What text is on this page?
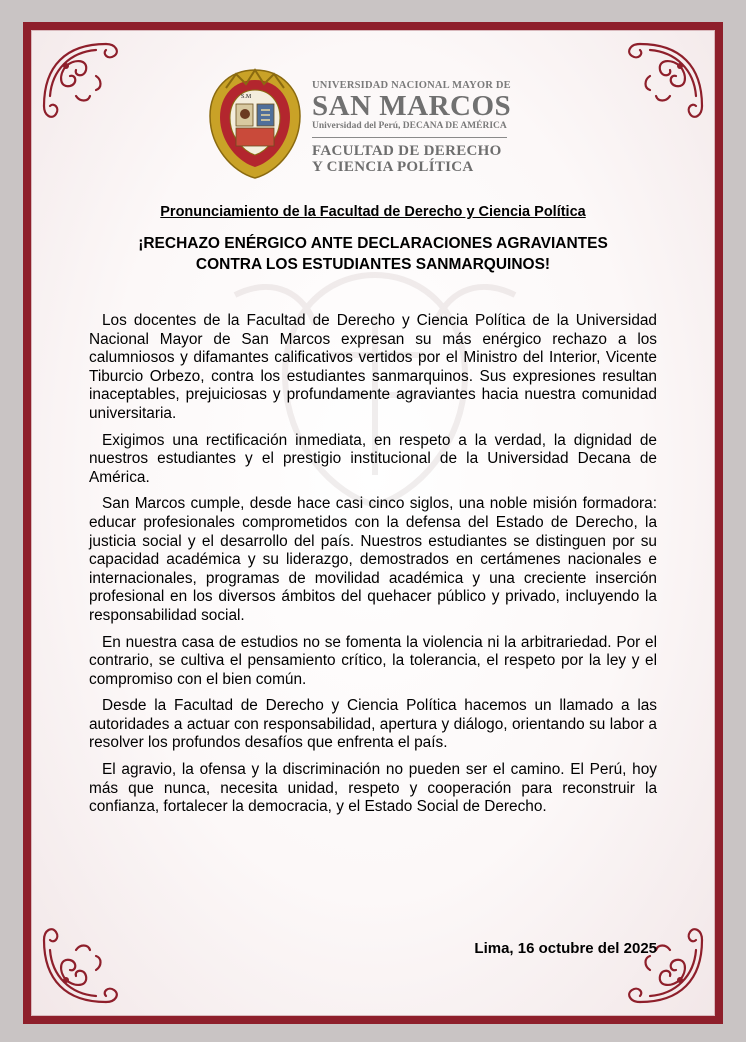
S.M
UNIVERSIDAD NACIONAL MAYOR DE
SAN MARCOS
Universidad del Perú, DECANA DE AMÉRICA
FACULTAD DE DERECHO
Y CIENCIA POLÍTICA
Pronunciamiento de la Facultad de Derecho y Ciencia Política
¡RECHAZO ENÉRGICO ANTE DECLARACIONES AGRAVIANTES
CONTRA LOS ESTUDIANTES SANMARQUINOS!

Los docentes de la Facultad de Derecho y Ciencia Política de la Universidad Nacional Mayor de San Marcos expresan su más enérgico rechazo a los calumniosos y difamantes calificativos vertidos por el Ministro del Interior, Vicente Tiburcio Orbezo, contra los estudiantes sanmarquinos. Sus expresiones resultan inaceptables, prejuiciosas y profundamente agraviantes hacia nuestra comunidad universitaria.

Exigimos una rectificación inmediata, en respeto a la verdad, la dignidad de nuestros estudiantes y el prestigio institucional de la Universidad Decana de América.

San Marcos cumple, desde hace casi cinco siglos, una noble misión formadora: educar profesionales comprometidos con la defensa del Estado de Derecho, la justicia social y el desarrollo del país. Nuestros estudiantes se distinguen por su capacidad académica y su liderazgo, demostrados en certámenes nacionales e internacionales, programas de movilidad académica y una creciente inserción profesional en los diversos ámbitos del quehacer público y privado, incluyendo la responsabilidad social.

En nuestra casa de estudios no se fomenta la violencia ni la arbitrariedad. Por el contrario, se cultiva el pensamiento crítico, la tolerancia, el respeto por la ley y el compromiso con el bien común.

Desde la Facultad de Derecho y Ciencia Política hacemos un llamado a las autoridades a actuar con responsabilidad, apertura y diálogo, orientando su labor a resolver los profundos desafíos que enfrenta el país.

El agravio, la ofensa y la discriminación no pueden ser el camino. El Perú, hoy más que nunca, necesita unidad, respeto y cooperación para reconstruir la confianza, fortalecer la democracia, y el Estado Social de Derecho.

Lima, 16 octubre del 2025
